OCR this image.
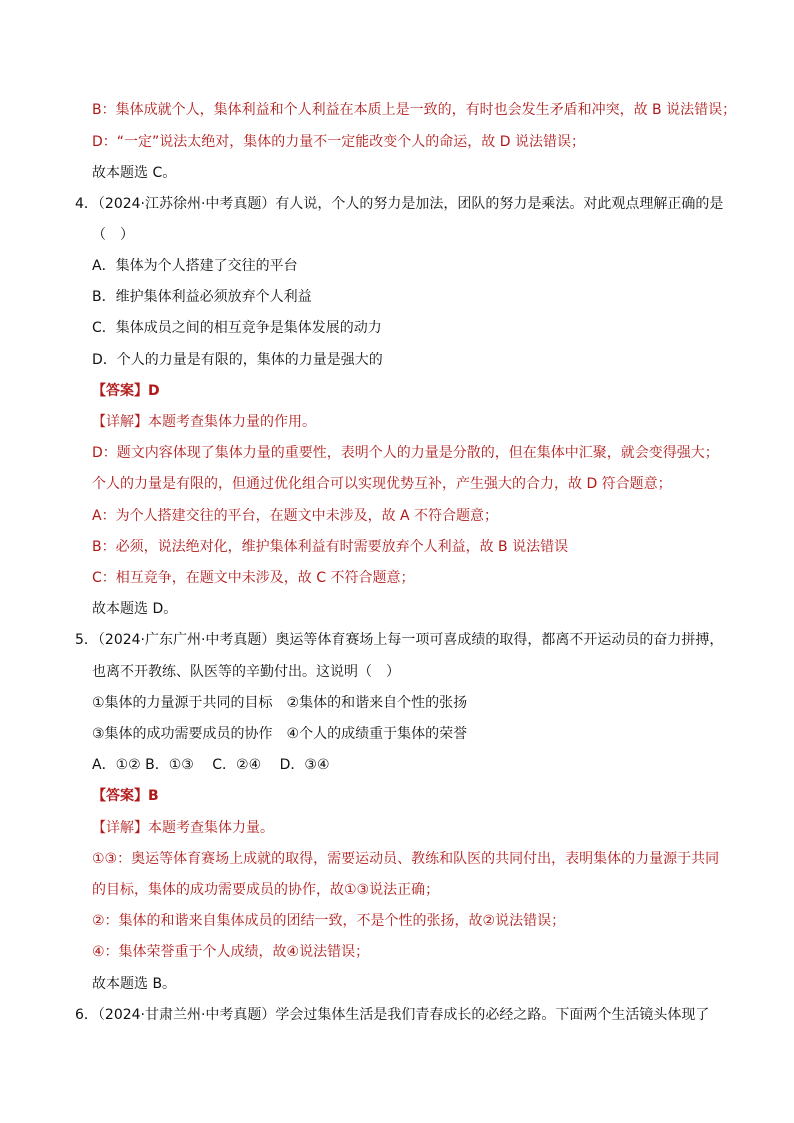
B：集体成就个人，集体利益和个人利益在本质上是一致的，有时也会发生矛盾和冲突，故 B 说法错误；
D：“一定”说法太绝对，集体的力量不一定能改变个人的命运，故 D 说法错误；
故本题选 C。
4．（2024·江苏徐州·中考真题）有人说，个人的努力是加法，团队的努力是乘法。对此观点理解正确的是
（　）
A．集体为个人搭建了交往的平台
B．维护集体利益必须放弃个人利益
C．集体成员之间的相互竞争是集体发展的动力
D．个人的力量是有限的，集体的力量是强大的
【答案】D
【详解】本题考查集体力量的作用。
D：题文内容体现了集体力量的重要性，表明个人的力量是分散的，但在集体中汇聚，就会变得强大；
个人的力量是有限的，但通过优化组合可以实现优势互补，产生强大的合力，故 D 符合题意；
A：为个人搭建交往的平台，在题文中未涉及，故 A 不符合题意；
B：必须，说法绝对化，维护集体利益有时需要放弃个人利益，故 B 说法错误
C：相互竞争，在题文中未涉及，故 C 不符合题意；
故本题选 D。
5．（2024·广东广州·中考真题）奥运等体育赛场上每一项可喜成绩的取得，都离不开运动员的奋力拼搏，
也离不开教练、队医等的辛勤付出。这说明（　）
①集体的力量源于共同的目标　②集体的和谐来自个性的张扬
③集体的成功需要成员的协作　④个人的成绩重于集体的荣誉
A．①② B．①③　 C．②④　 D．③④
【答案】B
【详解】本题考查集体力量。
①③：奥运等体育赛场上成就的取得，需要运动员、教练和队医的共同付出，表明集体的力量源于共同
的目标，集体的成功需要成员的协作，故①③说法正确；
②：集体的和谐来自集体成员的团结一致，不是个性的张扬，故②说法错误；
④：集体荣誉重于个人成绩，故④说法错误；
故本题选 B。
6．（2024·甘肃兰州·中考真题）学会过集体生活是我们青春成长的必经之路。下面两个生活镜头体现了
